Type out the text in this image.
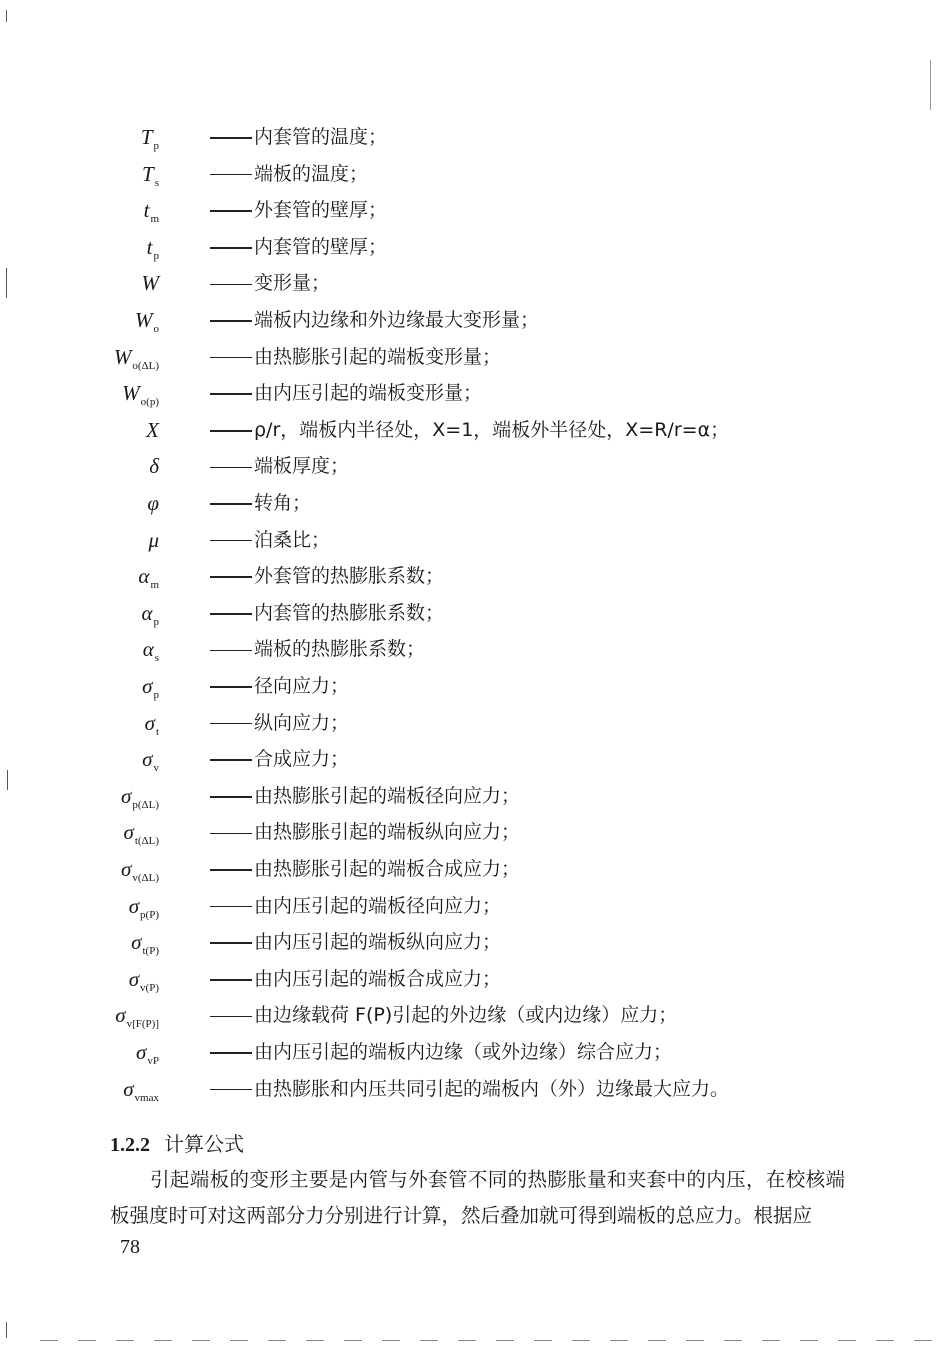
$T_p$	内套管的温度；
$T_s$	端板的温度；
$t_m$	外套管的壁厚；
$t_p$	内套管的壁厚；
W	变形量；
$W_o$	端板内边缘和外边缘最大变形量；
$W_{o(\Delta L)}$	由热膨胀引起的端板变形量；
$W_{o(p)}$	由内压引起的端板变形量；
X	ρ/r，端板内半径处，X=1，端板外半径处，X=R/r=α；
δ	端板厚度；
φ	转角；
μ	泊桑比；
$\alpha_m$	外套管的热膨胀系数；
$\alpha_p$	内套管的热膨胀系数；
$\alpha_s$	端板的热膨胀系数；
$\sigma_p$	径向应力；
$\sigma_t$	纵向应力；
$\sigma_v$	合成应力；
$\sigma_{p(\Delta L)}$	由热膨胀引起的端板径向应力；
$\sigma_{t(\Delta L)}$	由热膨胀引起的端板纵向应力；
$\sigma_{v(\Delta L)}$	由热膨胀引起的端板合成应力；
$\sigma_{p(P)}$	由内压引起的端板径向应力；
$\sigma_{t(P)}$	由内压引起的端板纵向应力；
$\sigma_{v(P)}$	由内压引起的端板合成应力；
$\sigma_{v[F(P)]}$	由边缘载荷 F(P)引起的外边缘（或内边缘）应力；
$\sigma_{vP}$	由内压引起的端板内边缘（或外边缘）综合应力；
$\sigma_{vmax}$	由热膨胀和内压共同引起的端板内（外）边缘最大应力。
1.2.2 计算公式
引起端板的变形主要是内管与外套管不同的热膨胀量和夹套中的内压，在校核端板强度时可对这两部分力分别进行计算，然后叠加就可得到端板的总应力。根据应
78
